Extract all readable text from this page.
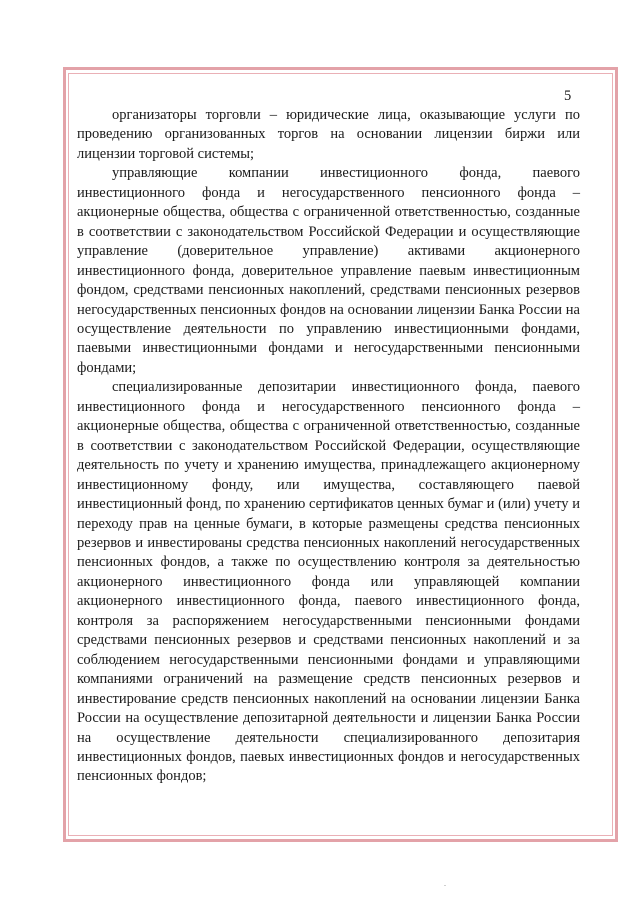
5

организаторы торговли – юридические лица, оказывающие услуги по проведению организованных торгов на основании лицензии биржи или лицензии торговой системы;

управляющие компании инвестиционного фонда, паевого инвестиционного фонда и негосударственного пенсионного фонда – акционерные общества, общества с ограниченной ответственностью, созданные в соответствии с законодательством Российской Федерации и осуществляющие управление (доверительное управление) активами акционерного инвестиционного фонда, доверительное управление паевым инвестиционным фондом, средствами пенсионных накоплений, средствами пенсионных резервов негосударственных пенсионных фондов на основании лицензии Банка России на осуществление деятельности по управлению инвестиционными фондами, паевыми инвестиционными фондами и негосударственными пенсионными фондами;

специализированные депозитарии инвестиционного фонда, паевого инвестиционного фонда и негосударственного пенсионного фонда – акционерные общества, общества с ограниченной ответственностью, созданные в соответствии с законодательством Российской Федерации, осуществляющие деятельность по учету и хранению имущества, принадлежащего акционерному инвестиционному фонду, или имущества, составляющего паевой инвестиционный фонд, по хранению сертификатов ценных бумаг и (или) учету и переходу прав на ценные бумаги, в которые размещены средства пенсионных резервов и инвестированы средства пенсионных накоплений негосударственных пенсионных фондов, а также по осуществлению контроля за деятельностью акционерного инвестиционного фонда или управляющей компании акционерного инвестиционного фонда, паевого инвестиционного фонда, контроля за распоряжением негосударственными пенсионными фондами средствами пенсионных резервов и средствами пенсионных накоплений и за соблюдением негосударственными пенсионными фондами и управляющими компаниями ограничений на размещение средств пенсионных резервов и инвестирование средств пенсионных накоплений на основании лицензии Банка России на осуществление депозитарной деятельности и лицензии Банка России на осуществление деятельности специализированного депозитария инвестиционных фондов, паевых инвестиционных фондов и негосударственных пенсионных фондов;
